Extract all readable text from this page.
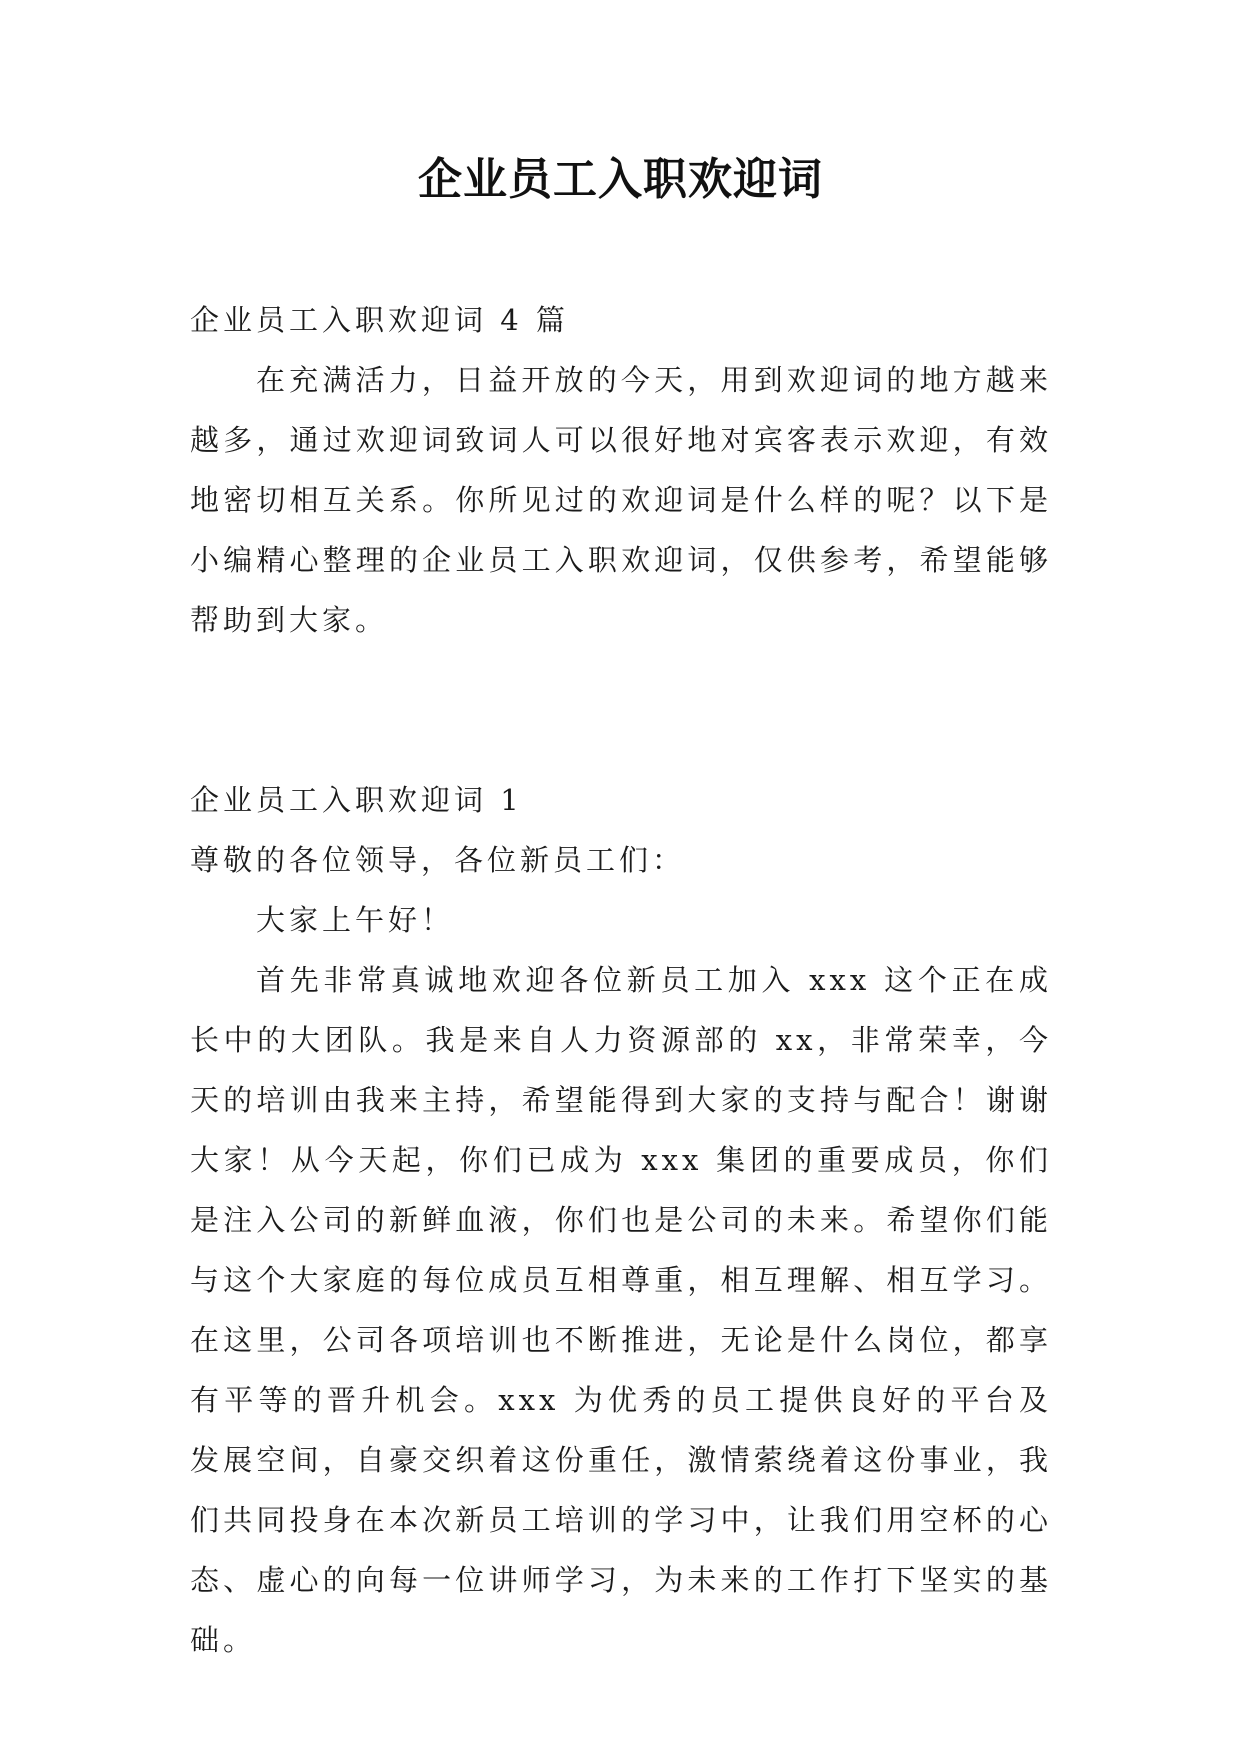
企业员工入职欢迎词

企业员工入职欢迎词 4 篇

在充满活力，日益开放的今天，用到欢迎词的地方越来越多，通过欢迎词致词人可以很好地对宾客表示欢迎，有效地密切相互关系。你所见过的欢迎词是什么样的呢？以下是小编精心整理的企业员工入职欢迎词，仅供参考，希望能够帮助到大家。

企业员工入职欢迎词 1

尊敬的各位领导，各位新员工们：

大家上午好！

首先非常真诚地欢迎各位新员工加入 xxx 这个正在成长中的大团队。我是来自人力资源部的 xx，非常荣幸，今天的培训由我来主持，希望能得到大家的支持与配合！谢谢大家！从今天起，你们已成为 xxx 集团的重要成员，你们是注入公司的新鲜血液，你们也是公司的未来。希望你们能与这个大家庭的每位成员互相尊重，相互理解、相互学习。在这里，公司各项培训也不断推进，无论是什么岗位，都享有平等的晋升机会。xxx 为优秀的员工提供良好的平台及发展空间，自豪交织着这份重任，激情萦绕着这份事业，我们共同投身在本次新员工培训的学习中，让我们用空杯的心态、虚心的向每一位讲师学习，为未来的工作打下坚实的基础。
